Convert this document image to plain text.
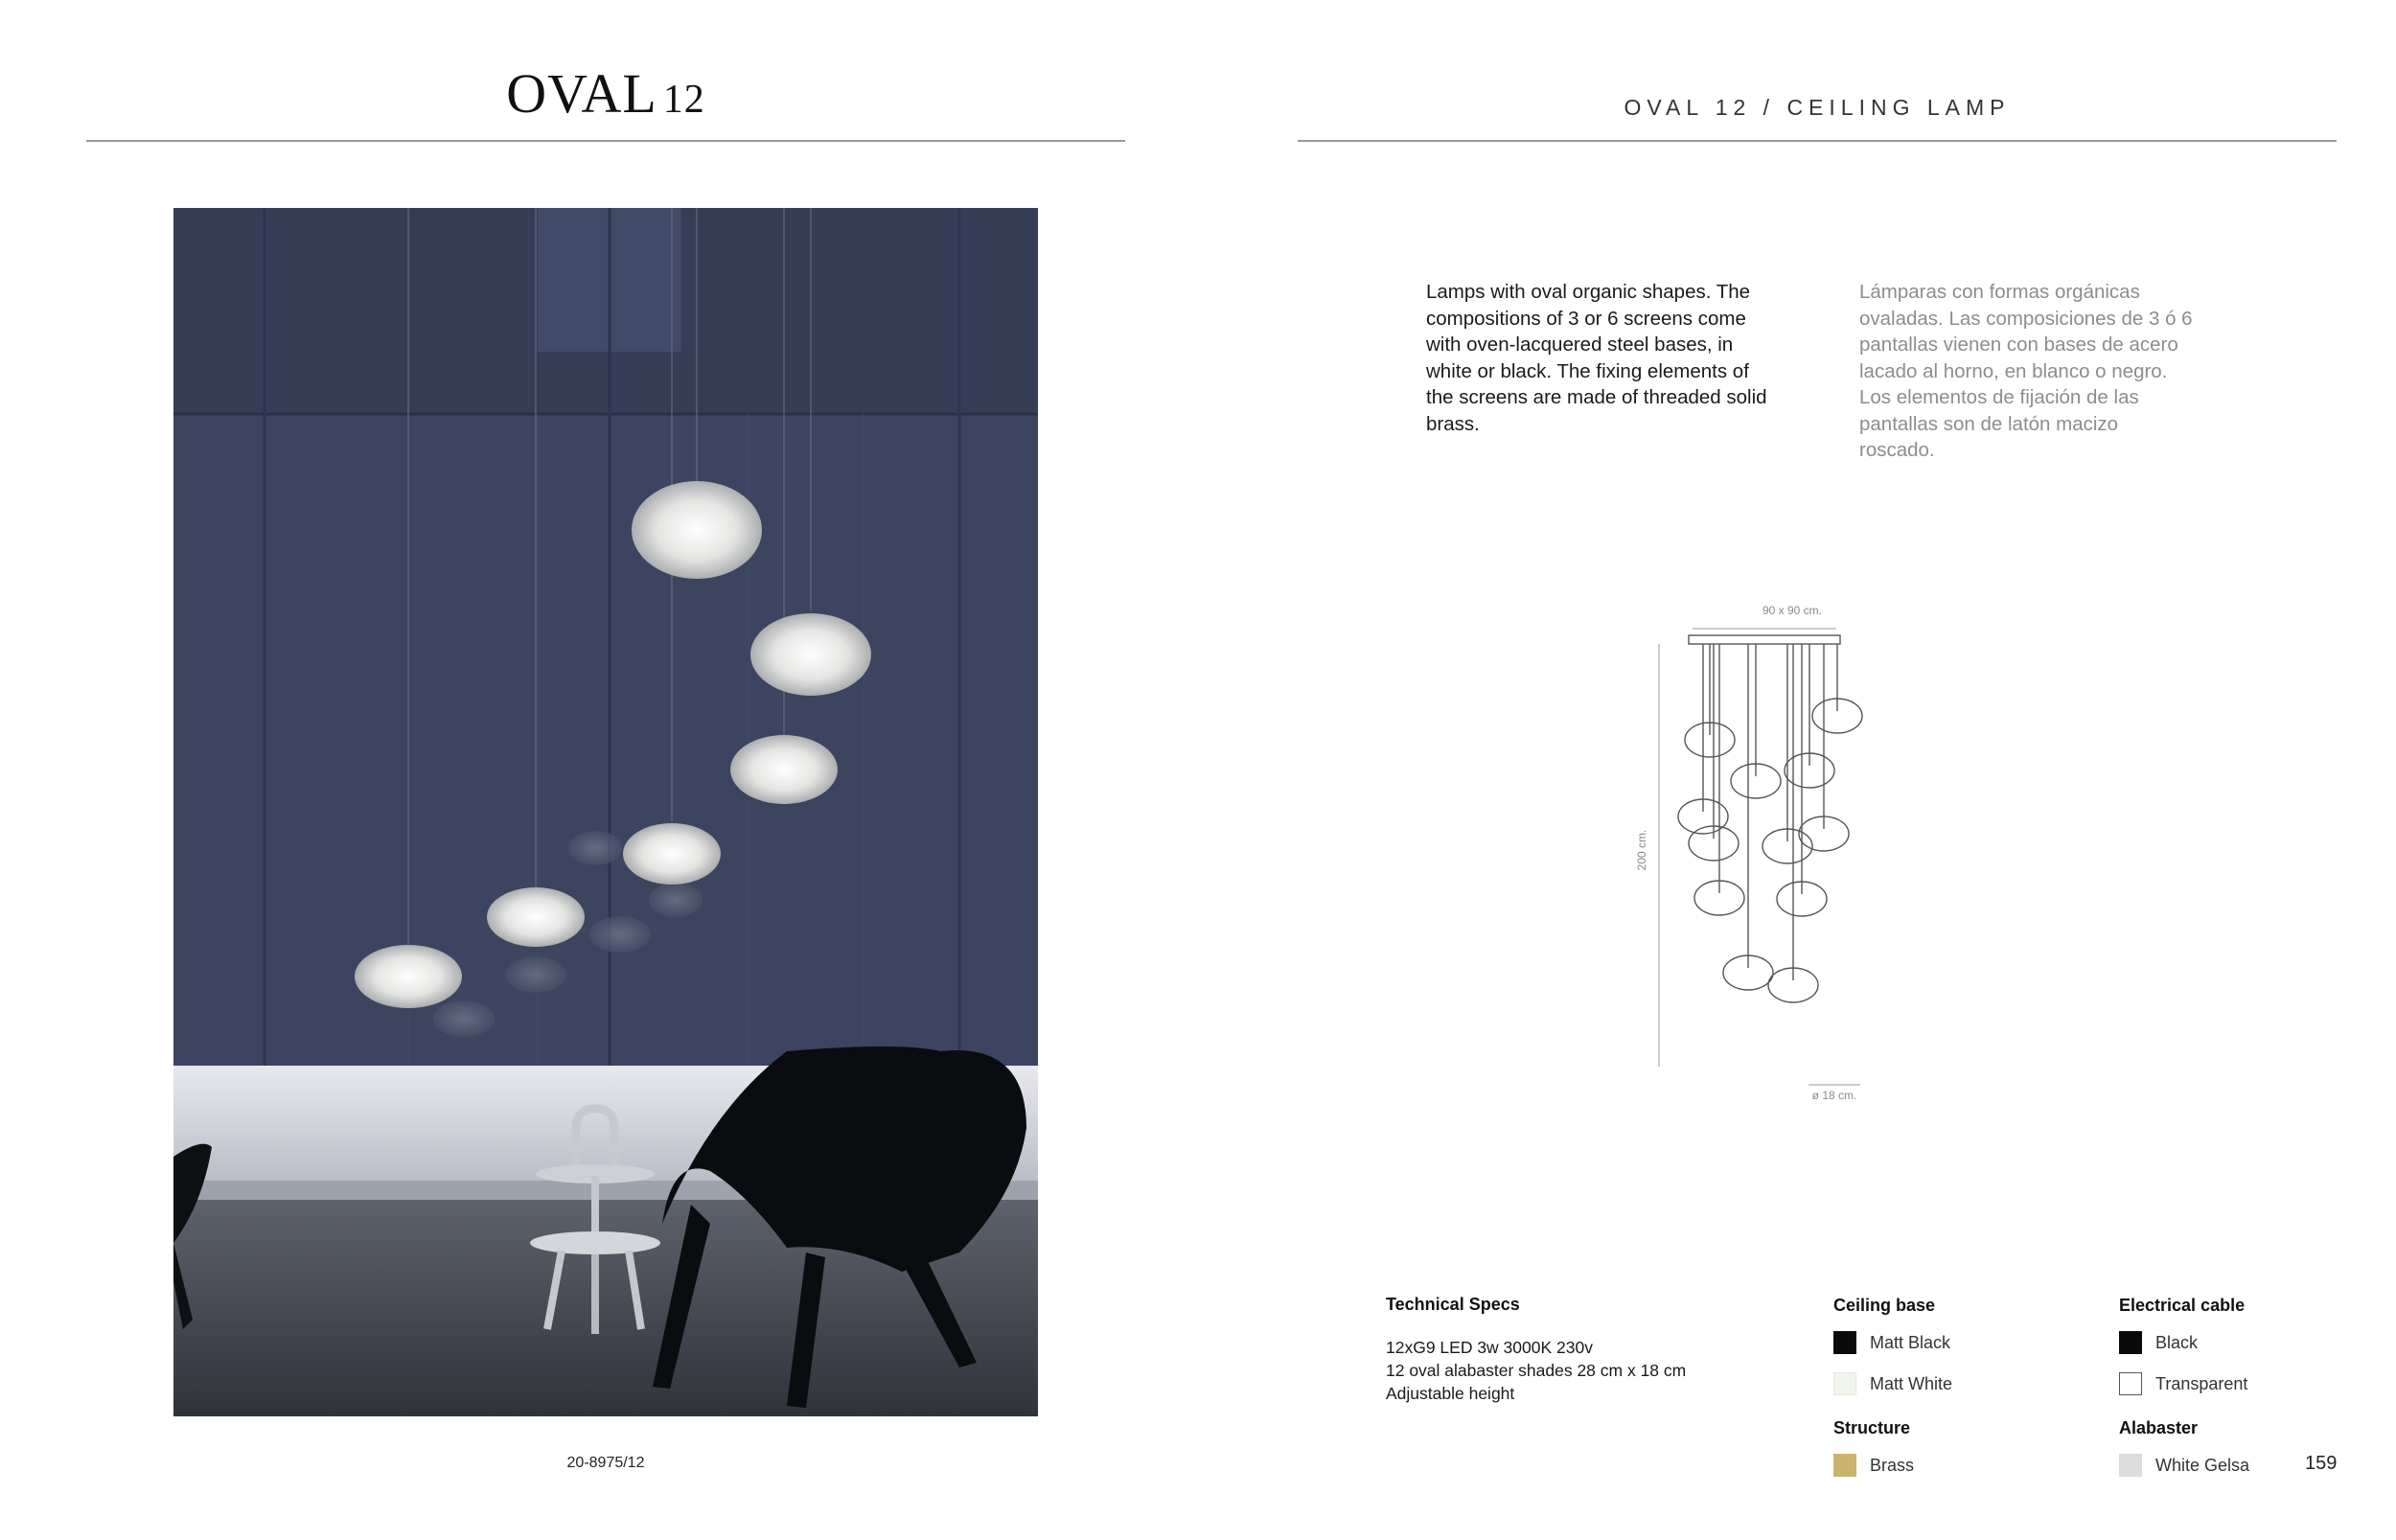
OVAL 12
20-8975/12
OVAL 12 / CEILING LAMP
Lamps with oval organic shapes. The compositions of 3 or 6 screens come with oven-lacquered steel bases, in white or black. The fixing elements of the screens are made of threaded solid brass.
Lámparas con formas orgánicas ovaladas. Las composiciones de 3 ó 6 pantallas vienen con bases de acero lacado al horno, en blanco o negro. Los elementos de fijación de las pantallas son de latón macizo roscado.
90 x 90 cm.
200 cm.
ø 18 cm.
Technical Specs
12xG9 LED 3w 3000K 230v
12 oval alabaster shades 28 cm x 18 cm
Adjustable height
Ceiling base
Matt Black
Matt White
Structure
Brass
Electrical cable
Black
Transparent
Alabaster
White Gelsa	159
